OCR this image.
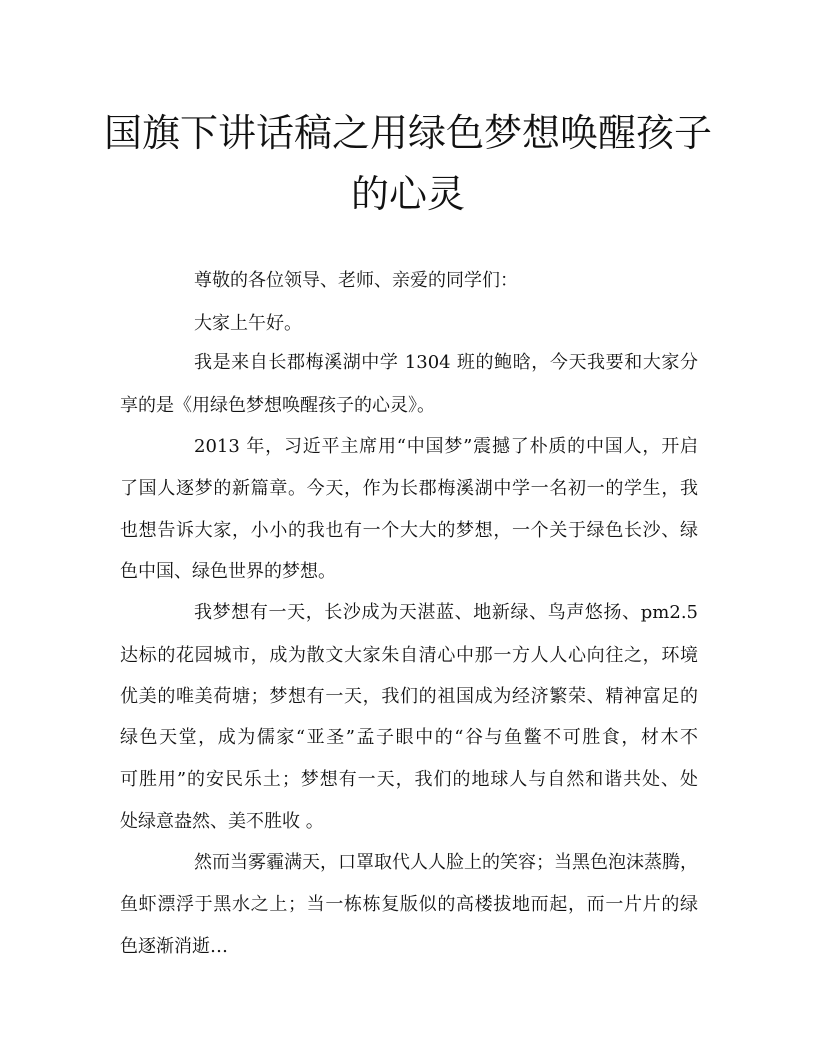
国旗下讲话稿之用绿色梦想唤醒孩子
的心灵

尊敬的各位领导、老师、亲爱的同学们：

大家上午好。

我是来自长郡梅溪湖中学 1304 班的鲍晗，今天我要和大家分

享的是《用绿色梦想唤醒孩子的心灵》。

2013 年，习近平主席用“中国梦”震撼了朴质的中国人，开启

了国人逐梦的新篇章。今天，作为长郡梅溪湖中学一名初一的学生，我

也想告诉大家，小小的我也有一个大大的梦想，一个关于绿色长沙、绿

色中国、绿色世界的梦想。

我梦想有一天，长沙成为天湛蓝、地新绿、鸟声悠扬、pm2.5

达标的花园城市，成为散文大家朱自清心中那一方人人心向往之，环境

优美的唯美荷塘；梦想有一天，我们的祖国成为经济繁荣、精神富足的

绿色天堂，成为儒家“亚圣”孟子眼中的“谷与鱼鳖不可胜食，材木不

可胜用”的安民乐土；梦想有一天，我们的地球人与自然和谐共处、处

处绿意盎然、美不胜收 。

然而当雾霾满天，口罩取代人人脸上的笑容；当黑色泡沫蒸腾，

鱼虾漂浮于黑水之上；当一栋栋复版似的高楼拔地而起，而一片片的绿

色逐渐消逝…
